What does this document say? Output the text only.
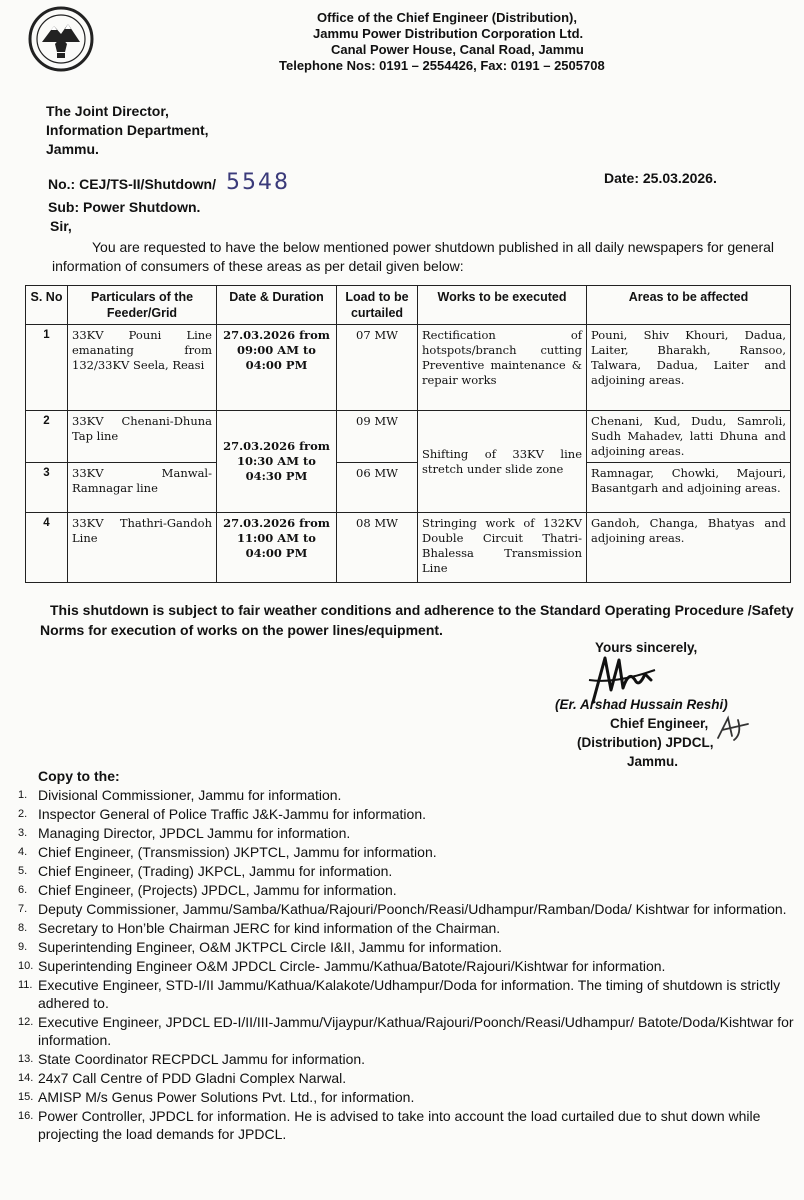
Office of the Chief Engineer (Distribution),
Jammu Power Distribution Corporation Ltd.
Canal Power House, Canal Road, Jammu
Telephone Nos: 0191 – 2554426, Fax: 0191 – 2505708
The Joint Director,
Information Department,
Jammu.
No.: CEJ/TS-II/Shutdown/ 5548	Date: 25.03.2026.
Sub: Power Shutdown.
Sir,
You are requested to have the below mentioned power shutdown published in all daily newspapers for general information of consumers of these areas as per detail given below:
S. No	Particulars of the Feeder/Grid	Date & Duration	Load to be curtailed	Works to be executed	Areas to be affected
1	33KV Pouni Line emanating from 132/33KV Seela, Reasi	27.03.2026 from 09:00 AM to 04:00 PM	07 MW	Rectification of hotspots/branch cutting Preventive maintenance & repair works	Pouni, Shiv Khouri, Dadua, Laiter, Bharakh, Ransoo, Talwara, Dadua, Laiter and adjoining areas.
2	33KV Chenani-Dhuna Tap line	27.03.2026 from 10:30 AM to 04:30 PM	09 MW	Shifting of 33KV line stretch under slide zone	Chenani, Kud, Dudu, Samroli, Sudh Mahadev, latti Dhuna and adjoining areas.
3	33KV Manwal-Ramnagar line		06 MW		Ramnagar, Chowki, Majouri, Basantgarh and adjoining areas.
4	33KV Thathri-Gandoh Line	27.03.2026 from 11:00 AM to 04:00 PM	08 MW	Stringing work of 132KV Double Circuit Thatri-Bhalessa Transmission Line	Gandoh, Changa, Bhatyas and adjoining areas.
This shutdown is subject to fair weather conditions and adherence to the Standard Operating Procedure /Safety Norms for execution of works on the power lines/equipment.
Yours sincerely,
(Er. Arshad Hussain Reshi)
Chief Engineer,
(Distribution) JPDCL,
Jammu.
Copy to the:
1. Divisional Commissioner, Jammu for information.
2. Inspector General of Police Traffic J&K-Jammu for information.
3. Managing Director, JPDCL Jammu for information.
4. Chief Engineer, (Transmission) JKPTCL, Jammu for information.
5. Chief Engineer, (Trading) JKPCL, Jammu for information.
6. Chief Engineer, (Projects) JPDCL, Jammu for information.
7. Deputy Commissioner, Jammu/Samba/Kathua/Rajouri/Poonch/Reasi/Udhampur/Ramban/Doda/ Kishtwar for information.
8. Secretary to Hon’ble Chairman JERC for kind information of the Chairman.
9. Superintending Engineer, O&M JKTPCL Circle I&II, Jammu for information.
10. Superintending Engineer O&M JPDCL Circle- Jammu/Kathua/Batote/Rajouri/Kishtwar for information.
11. Executive Engineer, STD-I/II Jammu/Kathua/Kalakote/Udhampur/Doda for information. The timing of shutdown is strictly adhered to.
12. Executive Engineer, JPDCL ED-I/II/III-Jammu/Vijaypur/Kathua/Rajouri/Poonch/Reasi/Udhampur/ Batote/Doda/Kishtwar for information.
13. State Coordinator RECPDCL Jammu for information.
14. 24x7 Call Centre of PDD Gladni Complex Narwal.
15. AMISP M/s Genus Power Solutions Pvt. Ltd., for information.
16. Power Controller, JPDCL for information. He is advised to take into account the load curtailed due to shut down while projecting the load demands for JPDCL.
